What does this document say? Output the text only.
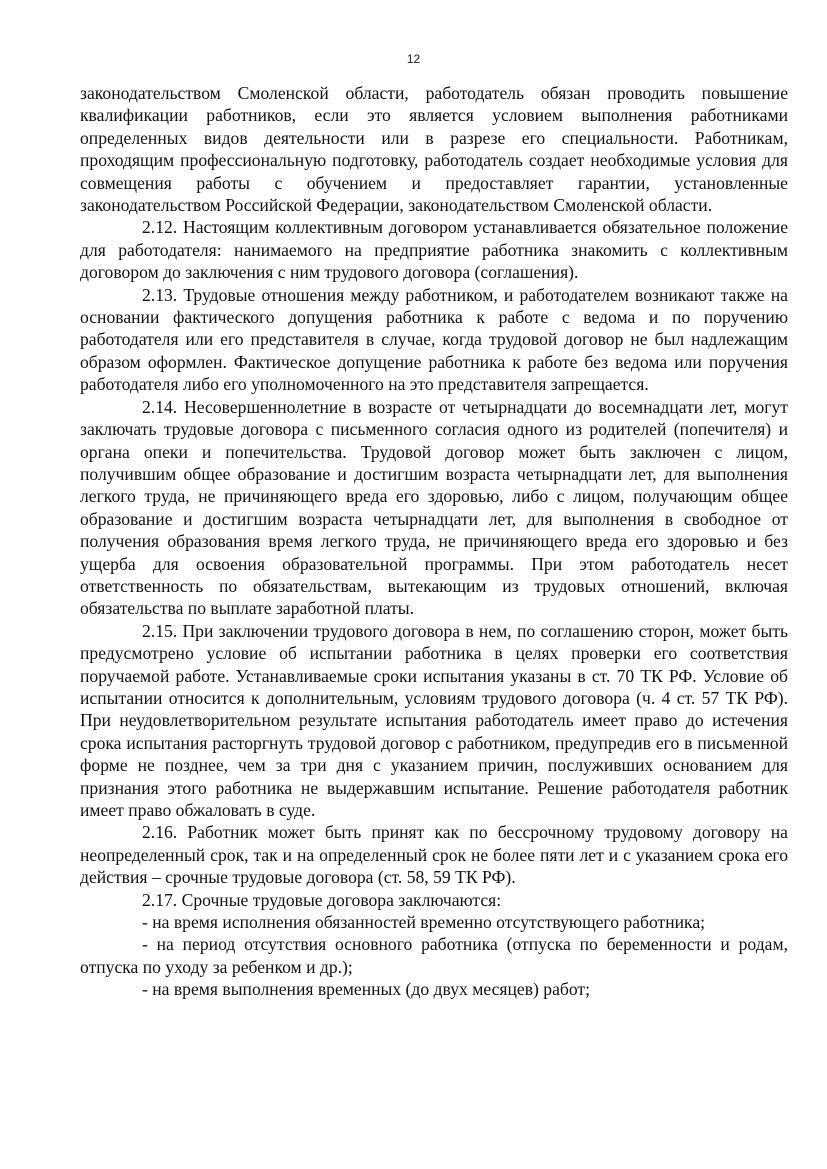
12

законодательством Смоленской области, работодатель обязан проводить повышение квалификации работников, если это является условием выполнения работниками определенных видов деятельности или в разрезе его специальности. Работникам, проходящим профессиональную подготовку, работодатель создает необходимые условия для совмещения работы с обучением и предоставляет гарантии, установленные законодательством Российской Федерации, законодательством Смоленской области.

2.12. Настоящим коллективным договором устанавливается обязательное положение для работодателя: нанимаемого на предприятие работника знакомить с коллективным договором до заключения с ним трудового договора (соглашения).

2.13. Трудовые отношения между работником, и работодателем возникают также на основании фактического допущения работника к работе с ведома и по поручению работодателя или его представителя в случае, когда трудовой договор не был надлежащим образом оформлен. Фактическое допущение работника к работе без ведома или поручения работодателя либо его уполномоченного на это представителя запрещается.

2.14. Несовершеннолетние в возрасте от четырнадцати до восемнадцати лет, могут заключать трудовые договора с письменного согласия одного из родителей (попечителя) и органа опеки и попечительства. Трудовой договор может быть заключен с лицом, получившим общее образование и достигшим возраста четырнадцати лет, для выполнения легкого труда, не причиняющего вреда его здоровью, либо с лицом, получающим общее образование и достигшим возраста четырнадцати лет, для выполнения в свободное от получения образования время легкого труда, не причиняющего вреда его здоровью и без ущерба для освоения образовательной программы. При этом работодатель несет ответственность по обязательствам, вытекающим из трудовых отношений, включая обязательства по выплате заработной платы.

2.15. При заключении трудового договора в нем, по соглашению сторон, может быть предусмотрено условие об испытании работника в целях проверки его соответствия поручаемой работе. Устанавливаемые сроки испытания указаны в ст. 70 ТК РФ. Условие об испытании относится к дополнительным, условиям трудового договора (ч. 4 ст. 57 ТК РФ). При неудовлетворительном результате испытания работодатель имеет право до истечения срока испытания расторгнуть трудовой договор с работником, предупредив его в письменной форме не позднее, чем за три дня с указанием причин, послуживших основанием для признания этого работника не выдержавшим испытание. Решение работодателя работник имеет право обжаловать в суде.

2.16. Работник может быть принят как по бессрочному трудовому договору на неопределенный срок, так и на определенный срок не более пяти лет и с указанием срока его действия – срочные трудовые договора (ст. 58, 59 ТК РФ).

2.17. Срочные трудовые договора заключаются:

- на время исполнения обязанностей временно отсутствующего работника;

- на период отсутствия основного работника (отпуска по беременности и родам, отпуска по уходу за ребенком и др.);

- на время выполнения временных (до двух месяцев) работ;
